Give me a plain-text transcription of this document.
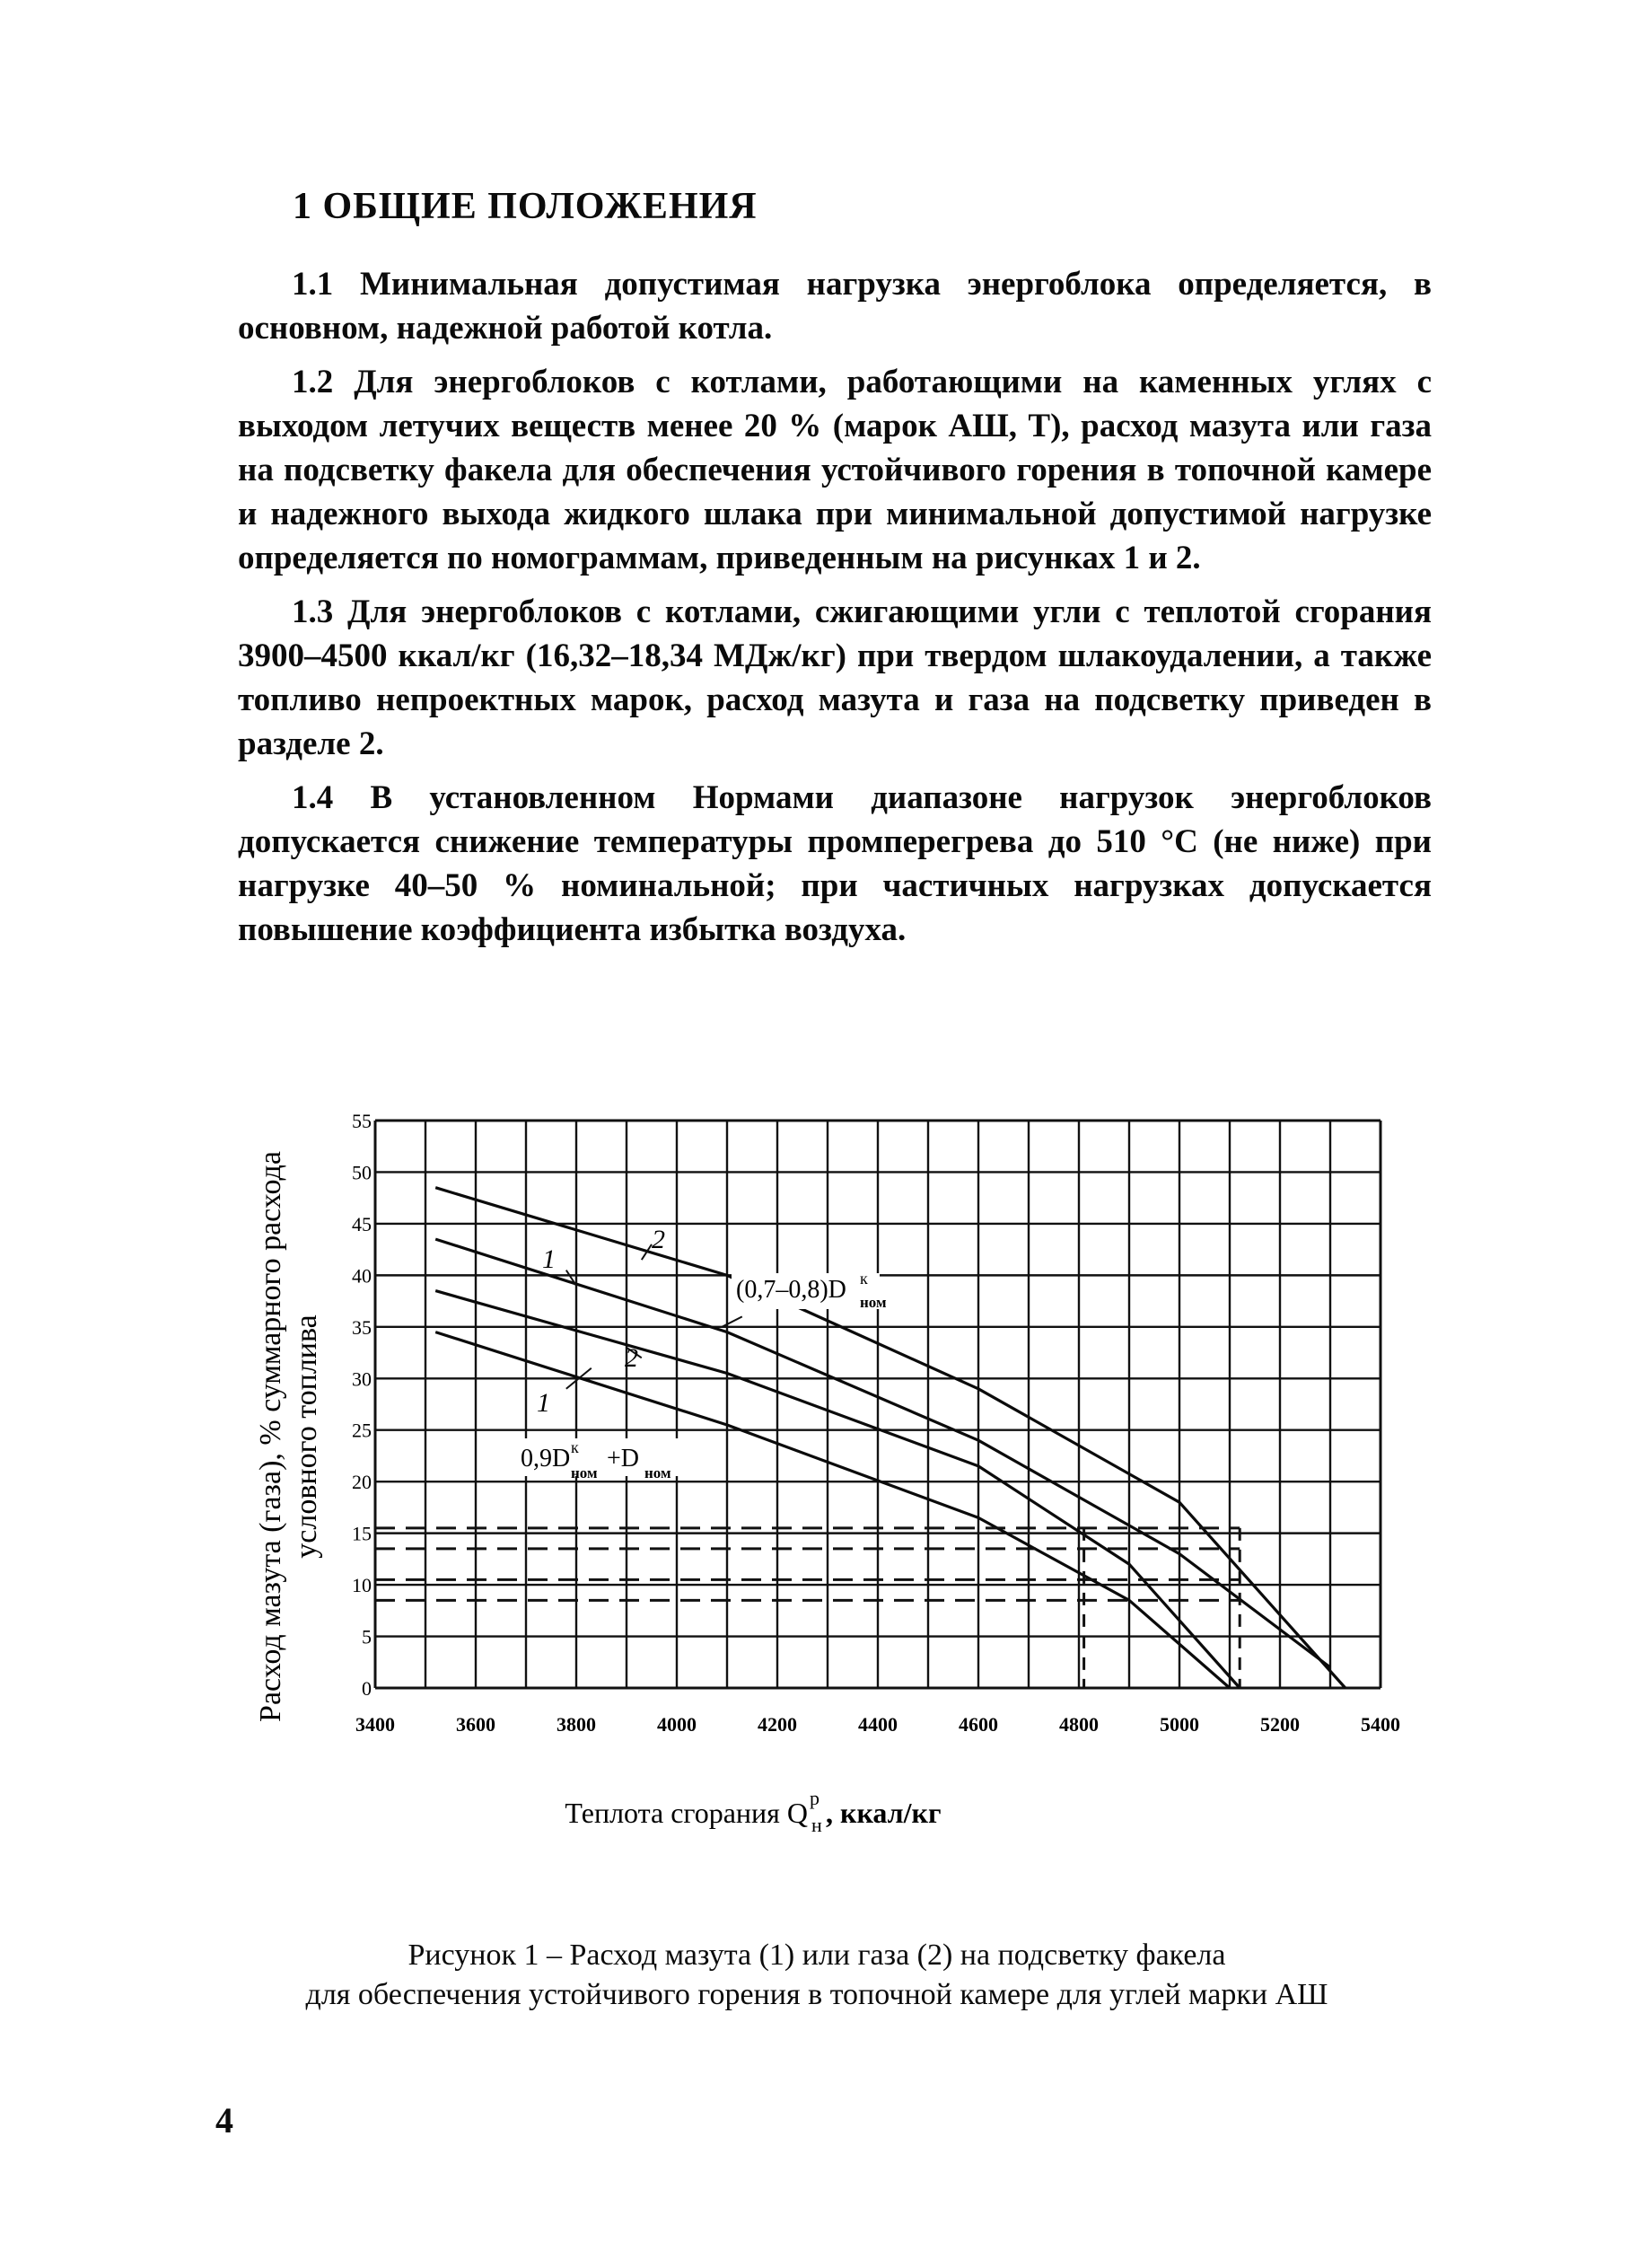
1 ОБЩИЕ ПОЛОЖЕНИЯ

1.1 Минимальная допустимая нагрузка энергоблока определяется, в основном, надежной работой котла.

1.2 Для энергоблоков с котлами, работающими на каменных углях с выходом летучих веществ менее 20 % (марок АШ, Т), расход мазута или газа на подсветку факела для обеспечения устойчивого горения в топочной камере и надежного выхода жидкого шлака при минимальной допустимой нагрузке определяется по номограммам, приведенным на рисунках 1 и 2.

1.3 Для энергоблоков с котлами, сжигающими угли с теплотой сгорания 3900–4500 ккал/кг (16,32–18,34 МДж/кг) при твердом шлакоудалении, а также топливо непроектных марок, расход мазута и газа на подсветку приведен в разделе 2.

1.4 В установленном Нормами диапазоне нагрузок энергоблоков допускается снижение температуры промперегрева до 510 °С (не ниже) при нагрузке 40–50 % номинальной; при частичных нагрузках допускается повышение коэффициента избытка воздуха.

0
5
10
15
20
25
30
35
40
45
50
55
3400	3600	3800	4000	4200	4400	4600	4800	5000	5200	5400
Расход мазута (газа), % суммарного расхода условного топлива
Теплота сгорания Q р
н , ккал/кг
(0,7–0,8)D к
ном
0,9D к
ном
+D
ном
1
2
2
1
Рисунок 1 – Расход мазута (1) или газа (2) на подсветку факела
для обеспечения устойчивого горения в топочной камере для углей марки АШ
4
